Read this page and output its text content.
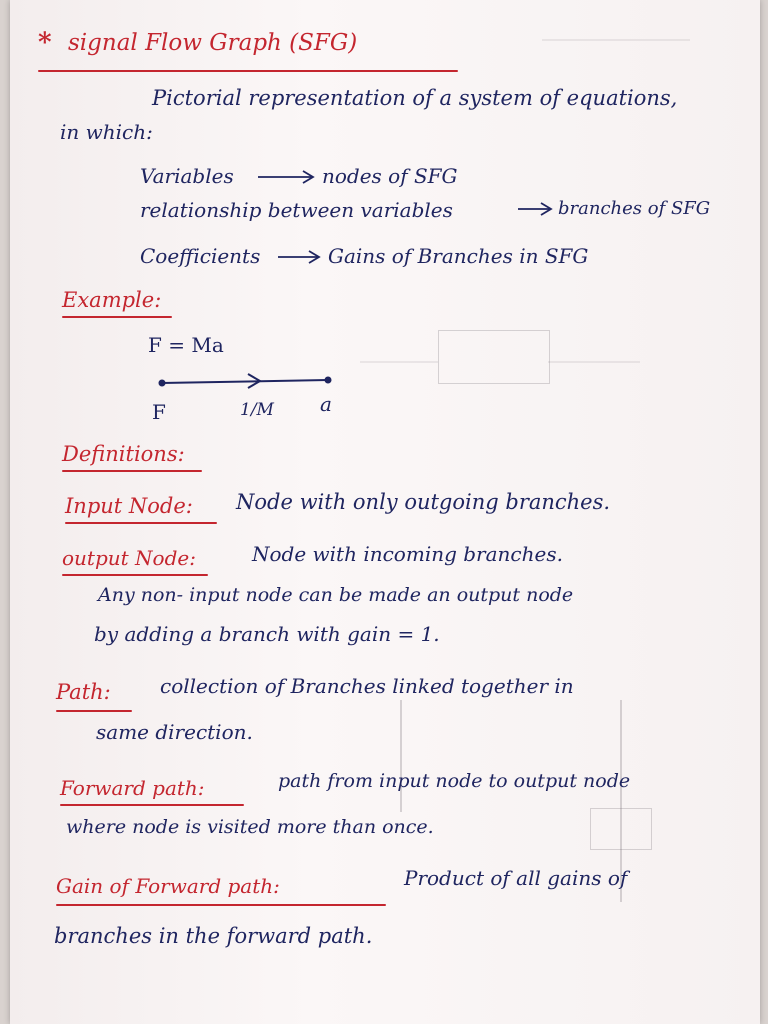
* signal Flow Graph (SFG)
Pictorial representation of a system of equations,
in which:
Variables	nodes of SFG
relationship between variables	branches of SFG
Coefficients	Gains of Branches in SFG
Example:
F = Ma
F	1/M a
Definitions:
Input Node: Node with only outgoing branches.
output Node:	Node with incoming branches.
Any non- input node can be made an output node
by adding a branch with gain = 1.
Path: collection of Branches linked together in
same direction.
Forward path:	path from input node to output node
where node is visited more than once.
Gain of Forward path:	Product of all gains of
branches in the forward path.
